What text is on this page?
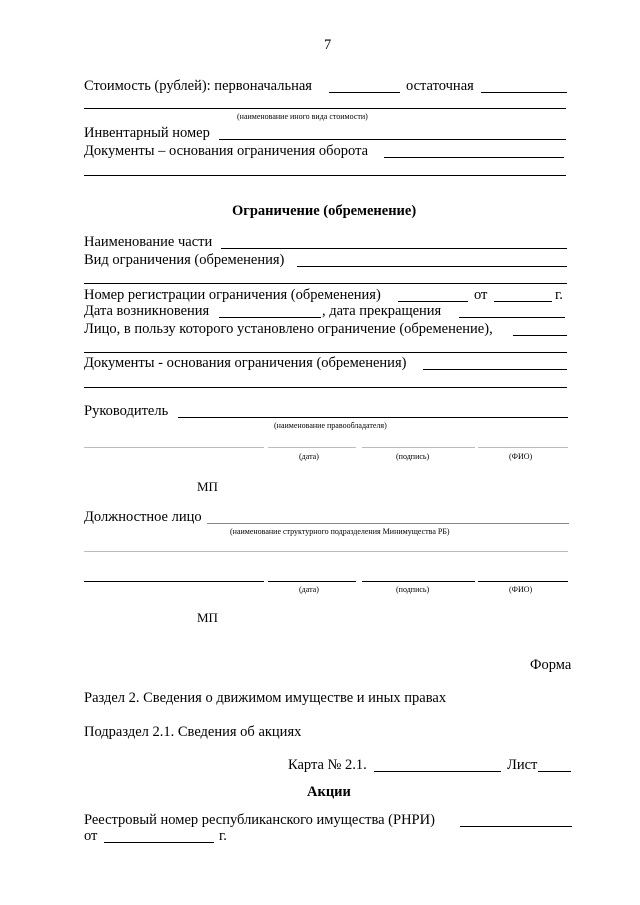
7
Стоимость (рублей): первоначальная	остаточная
(наименование иного вида стоимости)
Инвентарный номер
Документы – основания ограничения оборота
Ограничение (обременение)
Наименование части
Вид ограничения (обременения)
Номер регистрации ограничения (обременения)	от	г.
Дата возникновения	, дата прекращения
Лицо, в пользу которого установлено ограничение (обременение),
Документы - основания ограничения (обременения)
Руководитель
(наименование правообладателя)
(дата)	(подпись)	(ФИО)
МП
Должностное лицо
(наименование структурного подразделения Минимущества РБ)
(дата)	(подпись)	(ФИО)
МП
Форма
Раздел 2. Сведения о движимом имуществе и иных правах
Подраздел 2.1. Сведения об акциях
Карта № 2.1.	Лист
Акции
Реестровый номер республиканского имущества (РНРИ)
от	г.
